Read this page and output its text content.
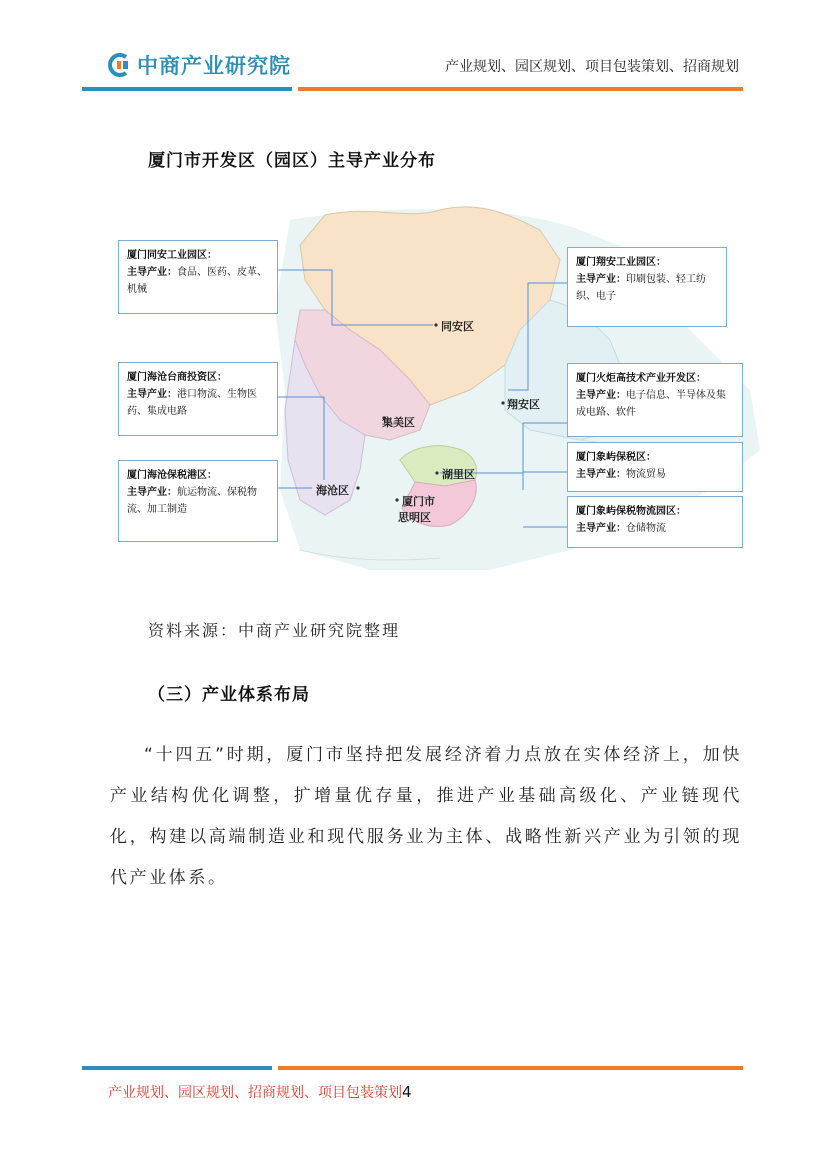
中商产业研究院	产业规划、园区规划、项目包装策划、招商规划
厦门市开发区（园区）主导产业分布
厦门同安工业园区：
主导产业：食品、医药、皮革、机械
厦门海沧台商投资区：
主导产业：港口物流、生物医药、集成电路
厦门海沧保税港区：
主导产业：航运物流、保税物流、加工制造
厦门翔安工业园区：
主导产业：印刷包装、轻工纺织、电子
厦门火炬高技术产业开发区：
主导产业：电子信息、半导体及集成电路、软件
厦门象屿保税区：
主导产业：物流贸易
厦门象屿保税物流园区：
主导产业：仓储物流
同安区
翔安区
集美区
海沧区
湖里区
厦门市
思明区
资料来源：中商产业研究院整理
（三）产业体系布局
“十四五”时期，厦门市坚持把发展经济着力点放在实体经济上，加快产业结构优化调整，扩增量优存量，推进产业基础高级化、产业链现代化，构建以高端制造业和现代服务业为主体、战略性新兴产业为引领的现代产业体系。
产业规划、园区规划、招商规划、项目包装策划4
